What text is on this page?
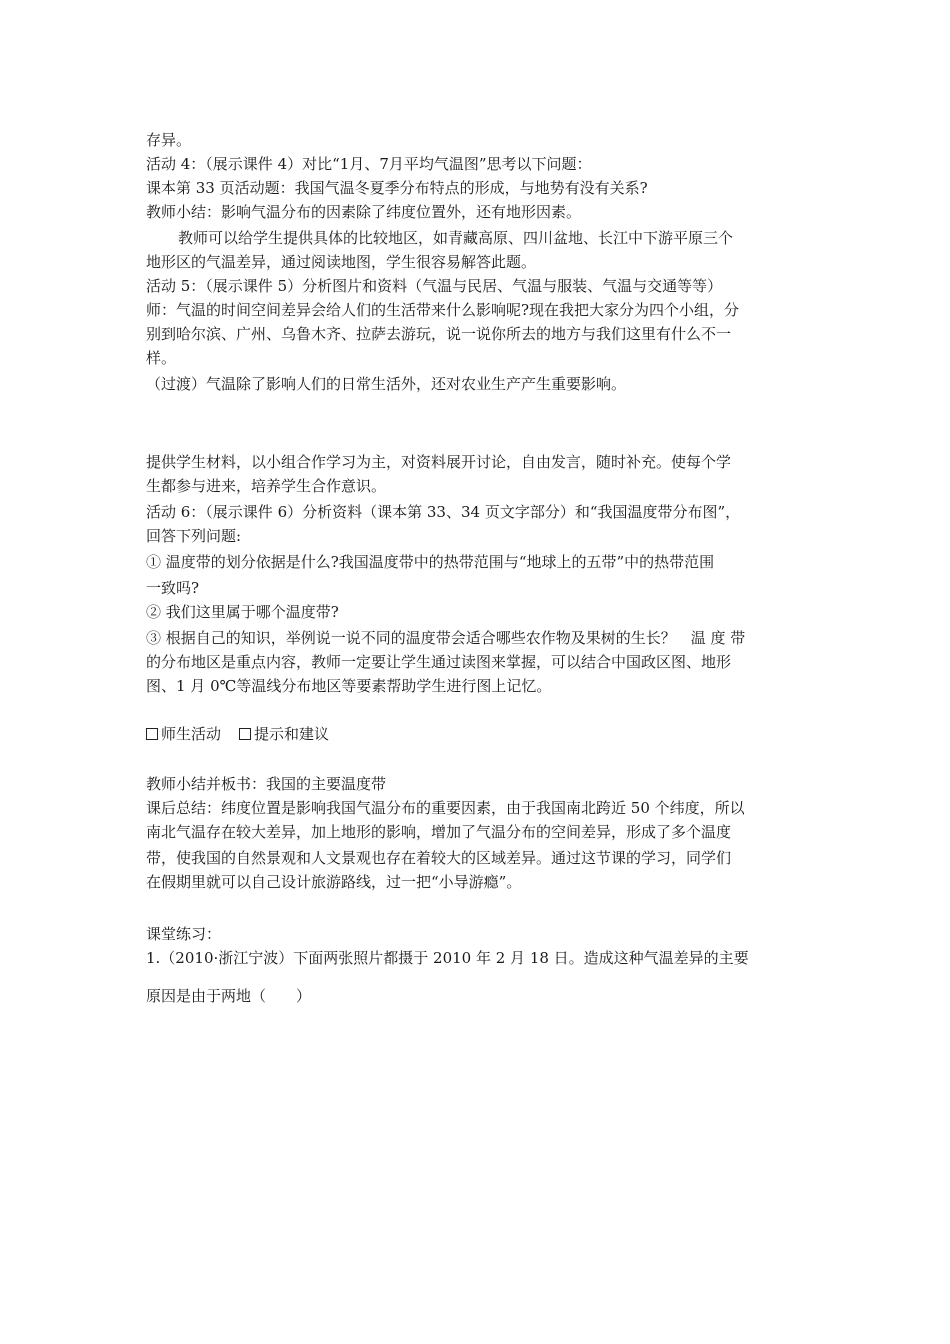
存异。
活动 4：（展示课件 4）对比“1月、7月平均气温图”思考以下问题：
课本第 33 页活动题：我国气温冬夏季分布特点的形成，与地势有没有关系?
教师小结：影响气温分布的因素除了纬度位置外，还有地形因素。
教师可以给学生提供具体的比较地区，如青藏高原、四川盆地、长江中下游平原三个
地形区的气温差异，通过阅读地图，学生很容易解答此题。
活动 5：（展示课件 5）分析图片和资料（气温与民居、气温与服装、气温与交通等等）
师：气温的时间空间差异会给人们的生活带来什么影响呢?现在我把大家分为四个小组，分
别到哈尔滨、广州、乌鲁木齐、拉萨去游玩，说一说你所去的地方与我们这里有什么不一
样。
（过渡）气温除了影响人们的日常生活外，还对农业生产产生重要影响。
提供学生材料，以小组合作学习为主，对资料展开讨论，自由发言，随时补充。使每个学
生都参与进来，培养学生合作意识。
活动 6：（展示课件 6）分析资料（课本第 33、34 页文字部分）和“我国温度带分布图”，
回答下列问题:
① 温度带的划分依据是什么?我国温度带中的热带范围与“地球上的五带”中的热带范围
一致吗?
② 我们这里属于哪个温度带?
③ 根据自己的知识，举例说一说不同的温度带会适合哪些农作物及果树的生长？　温 度 带
的分布地区是重点内容，教师一定要让学生通过读图来掌握，可以结合中国政区图、地形
图、1 月 0℃等温线分布地区等要素帮助学生进行图上记忆。
师生活动 提示和建议
教师小结并板书：我国的主要温度带
课后总结：纬度位置是影响我国气温分布的重要因素，由于我国南北跨近 50 个纬度，所以
南北气温存在较大差异，加上地形的影响，增加了气温分布的空间差异，形成了多个温度
带，使我国的自然景观和人文景观也存在着较大的区域差异。通过这节课的学习，同学们
在假期里就可以自己设计旅游路线，过一把“小导游瘾”。
课堂练习：
1.（2010·浙江宁波）下面两张照片都摄于 2010 年 2 月 18 日。造成这种气温差异的主要
原因是由于两地（　　）
